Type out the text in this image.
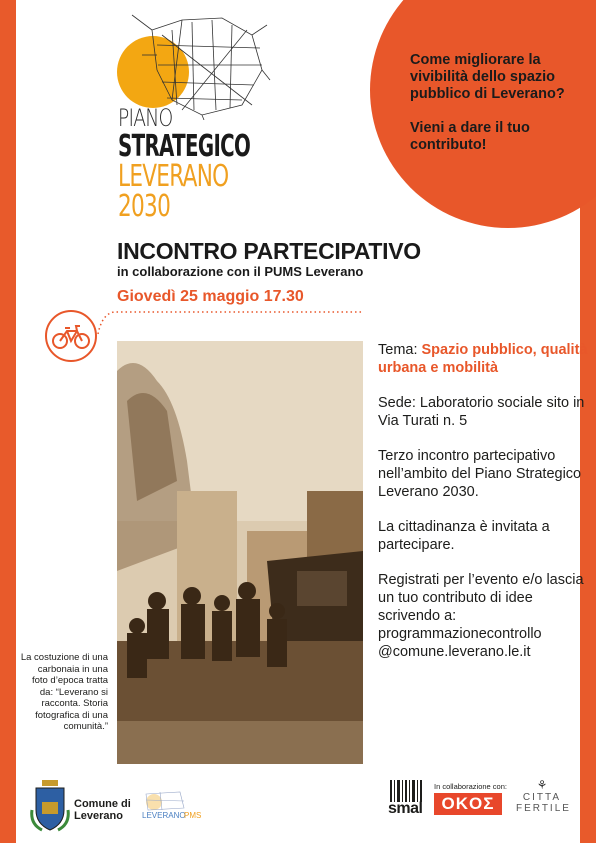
PIANO
STRATEGICO
LEVERANO
2030

Come migliorare la vivibilità dello spazio pubblico di Leverano?

Vieni a dare il tuo contributo!

INCONTRO PARTECIPATIVO
in collaborazione con il PUMS Leverano
Giovedì 25 maggio 17.30
La costuzione di una carbonaia in una foto d’epoca tratta da: “Leverano si racconta. Storia fotografica di una comunità.”

Tema: Spazio pubblico, qualità urbana e mobilità

Sede: Laboratorio sociale sito in Via Turati n. 5

Terzo incontro partecipativo nell’ambito del Piano Strategico Leverano 2030.

La cittadinanza è invitata a partecipare.

Registrati per l’evento e/o lascia un tuo contributo di idee scrivendo a:
programmazionecontrollo
@comune.leverano.le.it

Comune di
Leverano	LEVERANO
PMS	smal
In collaborazione con:
OKOΣ
⚘
CITTA
FERTILE
